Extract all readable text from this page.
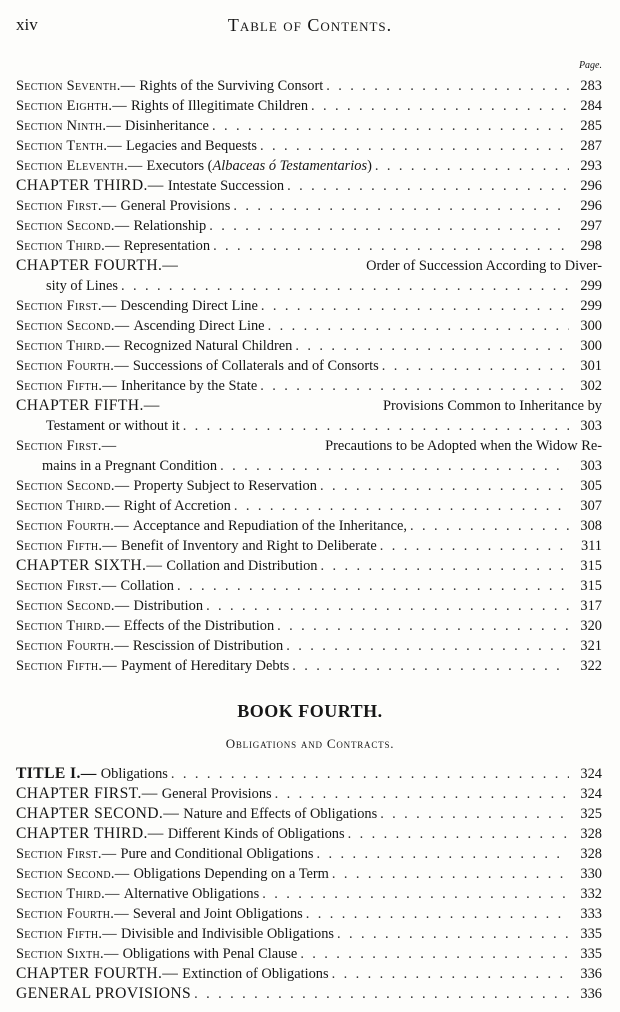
xiv	Table of Contents.
Page.
Section Seventh.— Rights of the Surviving Consort . . .	283
Section Eighth.— Rights of Illegitimate Children . . .	284
Section Ninth.— Disinheritance . . .	285
Section Tenth.— Legacies and Bequests . . .	287
Section Eleventh.— Executors (Albaceas ó Testamentarios) . . .	293
CHAPTER THIRD.— Intestate Succession . . .	296
Section First.— General Provisions . . .	296
Section Second.— Relationship . . .	297
Section Third.— Representation . . .	298
CHAPTER FOURTH.—	Order of Succession According to Diver-
sity of Lines . . .	299
Section First.— Descending Direct Line . . .	299
Section Second.— Ascending Direct Line . . .	300
Section Third.— Recognized Natural Children . . .	300
Section Fourth.— Successions of Collaterals and of Consorts . . .	301
Section Fifth.— Inheritance by the State . . .	302
CHAPTER FIFTH.—	Provisions Common to Inheritance by
Testament or without it . . .	303
Section First.—	Precautions to be Adopted when the Widow Re-
mains in a Pregnant Condition . . .	303
Section Second.— Property Subject to Reservation . . .	305
Section Third.— Right of Accretion . . .	307
Section Fourth.— Acceptance and Repudiation of the Inheritance, . . .	308
Section Fifth.— Benefit of Inventory and Right to Deliberate . . .	311
CHAPTER SIXTH.— Collation and Distribution . . .	315
Section First.— Collation . . .	315
Section Second.— Distribution . . .	317
Section Third.— Effects of the Distribution . . .	320
Section Fourth.— Rescission of Distribution . . .	321
Section Fifth.— Payment of Hereditary Debts . . .	322
BOOK FOURTH.
Obligations and Contracts.
TITLE I.— Obligations . . .	324
CHAPTER FIRST.— General Provisions . . .	324
CHAPTER SECOND.— Nature and Effects of Obligations . . .	325
CHAPTER THIRD.— Different Kinds of Obligations . . .	328
Section First.— Pure and Conditional Obligations . . .	328
Section Second.— Obligations Depending on a Term . . .	330
Section Third.— Alternative Obligations . . .	332
Section Fourth.— Several and Joint Obligations . . .	333
Section Fifth.— Divisible and Indivisible Obligations . . .	335
Section Sixth.— Obligations with Penal Clause . . .	335
CHAPTER FOURTH.— Extinction of Obligations . . .	336
GENERAL PROVISIONS . . .	336
